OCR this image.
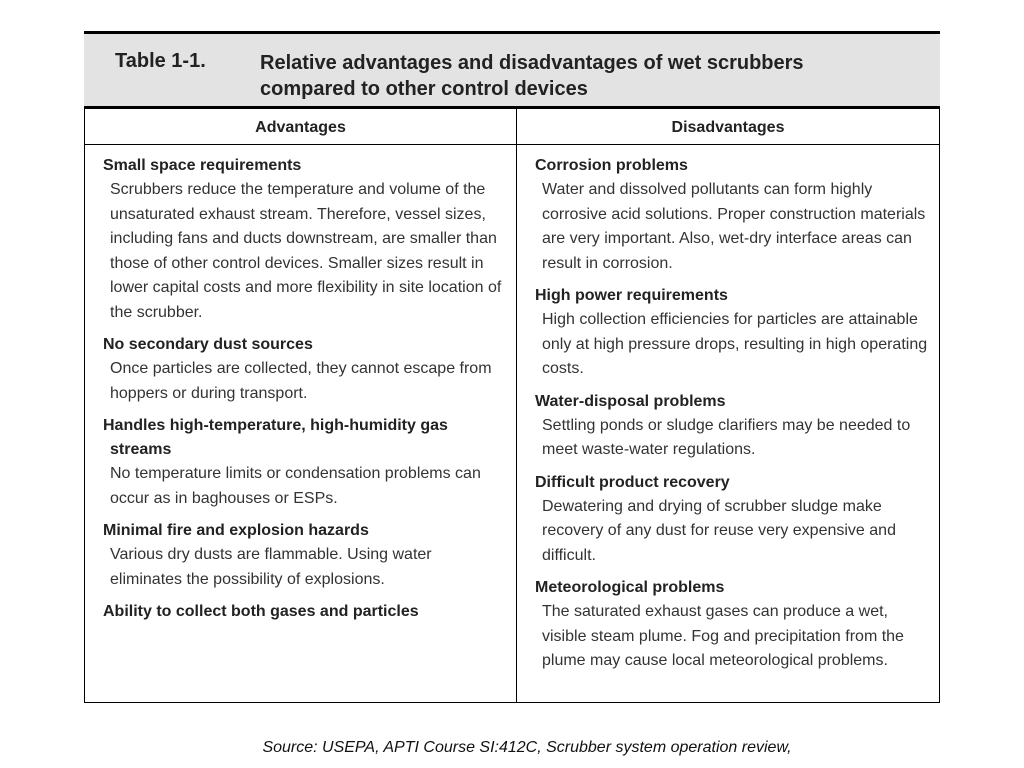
Table 1-1.	Relative advantages and disadvantages of wet scrubbers compared to other control devices
Advantages
Small space requirements
Scrubbers reduce the temperature and volume of the unsaturated exhaust stream. Therefore, vessel sizes, including fans and ducts downstream, are smaller than those of other control devices. Smaller sizes result in lower capital costs and more flexibility in site location of the scrubber.
No secondary dust sources
Once particles are collected, they cannot escape from hoppers or during transport.
Handles high-temperature, high-humidity gas
streams
No temperature limits or condensation problems can occur as in baghouses or ESPs.
Minimal fire and explosion hazards
Various dry dusts are flammable. Using water eliminates the possibility of explosions.
Ability to collect both gases and particles
Disadvantages
Corrosion problems
Water and dissolved pollutants can form highly corrosive acid solutions. Proper construction materials are very important. Also, wet-dry interface areas can result in corrosion.
High power requirements
High collection efficiencies for particles are attainable only at high pressure drops, resulting in high operating costs.
Water-disposal problems
Settling ponds or sludge clarifiers may be needed to meet waste-water regulations.
Difficult product recovery
Dewatering and drying of scrubber sludge make recovery of any dust for reuse very expensive and difficult.
Meteorological problems
The saturated exhaust gases can produce a wet, visible steam plume. Fog and precipitation from the plume may cause local meteorological problems.
Source: USEPA, APTI Course SI:412C, Scrubber system operation review,
